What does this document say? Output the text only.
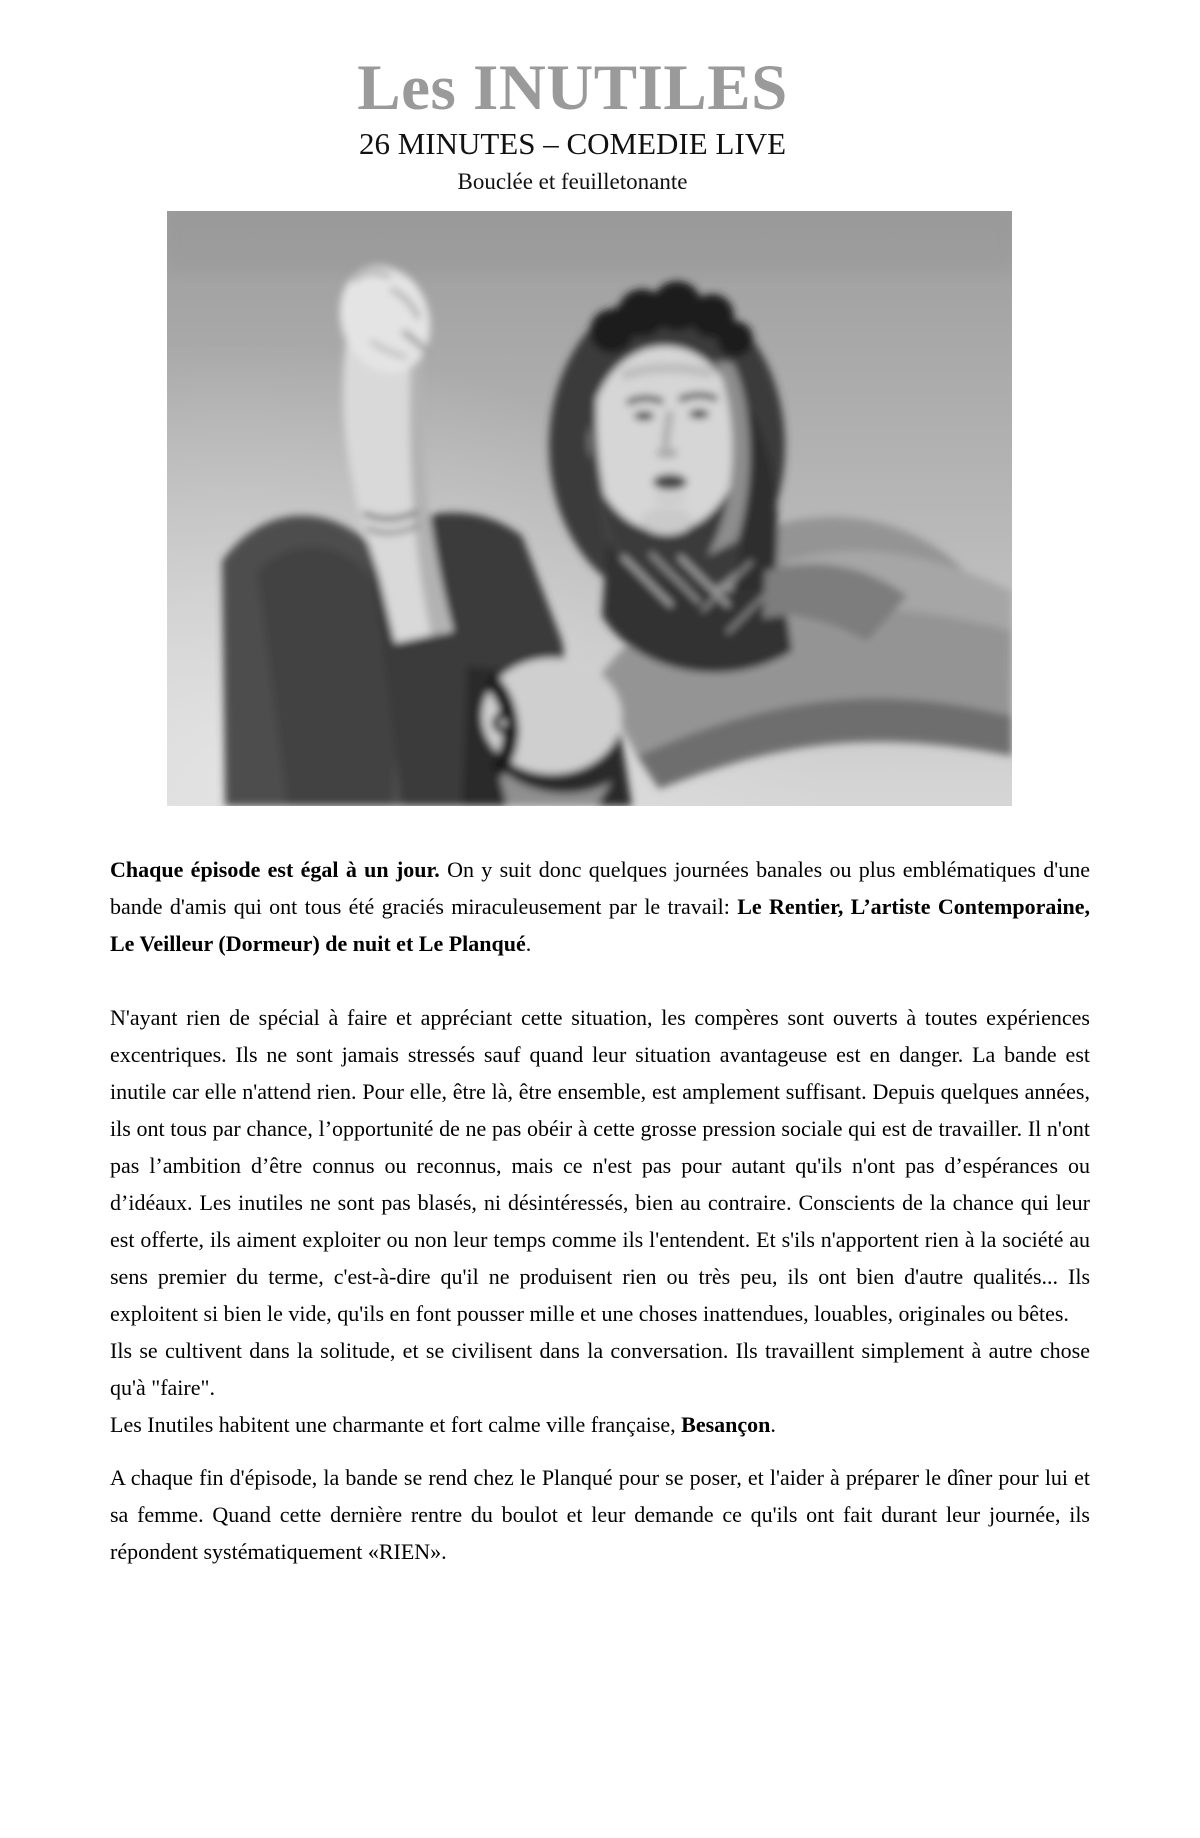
Les INUTILES
26 MINUTES – COMEDIE LIVE
Bouclée et feuilletonante

Chaque épisode est égal à un jour. On y suit donc quelques journées banales ou plus emblématiques d'une bande d'amis qui ont tous été graciés miraculeusement par le travail: Le Rentier, L’artiste Contemporaine, Le Veilleur (Dormeur) de nuit et Le Planqué.

N'ayant rien de spécial à faire et appréciant cette situation, les compères sont ouverts à toutes expériences excentriques. Ils ne sont jamais stressés sauf quand leur situation avantageuse est en danger. La bande est inutile car elle n'attend rien. Pour elle, être là, être ensemble, est amplement suffisant. Depuis quelques années, ils ont tous par chance, l’opportunité de ne pas obéir à cette grosse pression sociale qui est de travailler. Il n'ont pas l’ambition d’être connus ou reconnus, mais ce n'est pas pour autant qu'ils n'ont pas d’espérances ou d’idéaux. Les inutiles ne sont pas blasés, ni désintéressés, bien au contraire. Conscients de la chance qui leur est offerte, ils aiment exploiter ou non leur temps comme ils l'entendent. Et s'ils n'apportent rien à la société au sens premier du terme, c'est-à-dire qu'il ne produisent rien ou très peu, ils ont bien d'autre qualités... Ils exploitent si bien le vide, qu'ils en font pousser mille et une choses inattendues, louables, originales ou bêtes.

Ils se cultivent dans la solitude, et se civilisent dans la conversation. Ils travaillent simplement à autre chose qu'à "faire".

Les Inutiles habitent une charmante et fort calme ville française, Besançon.

A chaque fin d'épisode, la bande se rend chez le Planqué pour se poser, et l'aider à préparer le dîner pour lui et sa femme. Quand cette dernière rentre du boulot et leur demande ce qu'ils ont fait durant leur journée, ils répondent systématiquement «RIEN».
